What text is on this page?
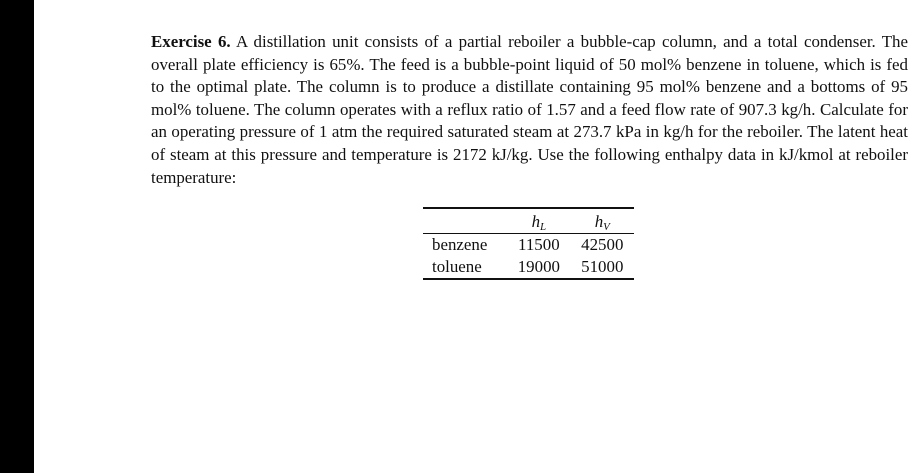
Exercise 6. A distillation unit consists of a partial reboiler a bubble-cap column, and a total condenser. The overall plate efficiency is 65%. The feed is a bubble-point liquid of 50 mol% benzene in toluene, which is fed to the optimal plate. The column is to produce a distillate containing 95 mol% benzene and a bottoms of 95 mol% toluene. The column operates with a reflux ratio of 1.57 and a feed flow rate of 907.3 kg/h. Calculate for an operating pressure of 1 atm the required saturated steam at 273.7 kPa in kg/h for the reboiler. The latent heat of steam at this pressure and temperature is 2172 kJ/kg. Use the following enthalpy data in kJ/kmol at reboiler temperature:

	$h_L$	$h_V$
benzene	11500	42500
toluene	19000	51000
